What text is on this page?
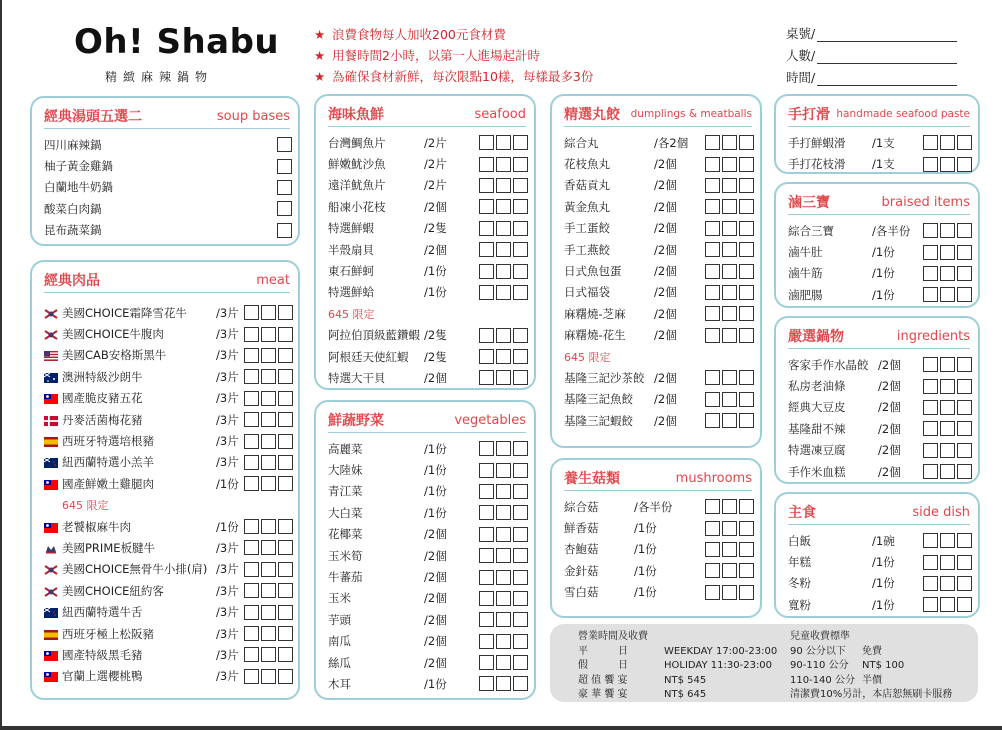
Oh! Shabu
精緻麻辣鍋物
★ 浪費食物每人加收200元食材費
★ 用餐時間2小時，以第一人進場起計時
★ 為確保食材新鮮，每次限點10樣，每樣最多3份
桌號/
人數/
時間/
經典湯頭五選二	soup bases
四川麻辣鍋
柚子黃金雞鍋
白蘭地牛奶鍋
酸菜白肉鍋
昆布蔬菜鍋
經典肉品	meat
美國CHOICE霜降雪花牛	/3片
美國CHOICE牛腹肉	/3片
美國CAB安格斯黑牛	/3片
澳洲特級沙朗牛	/3片
國產脆皮豬五花	/3片
丹麥活菌梅花豬	/3片
西班牙特選培根豬	/3片
紐西蘭特選小羔羊	/3片
國產鮮嫩土雞腿肉	/1份
645 限定
老饕椒麻牛肉	/1份
美國PRIME板腱牛	/3片
美國CHOICE無骨牛小排(肩) /3片
美國CHOICE紐約客	/3片
紐西蘭特選牛舌	/3片
西班牙極上松阪豬	/3片
國產特級黑毛豬	/3片
官蘭上選櫻桃鴨	/3片
海味魚鮮	seafood
台灣鯛魚片	/2片
鮮嫩魷沙魚	/2片
遠洋魷魚片	/2片
船凍小花枝	/2個
特選鮮蝦	/2隻
半殼扇貝	/2個
東石鮮蚵	/1份
特選鮮蛤	/1份
645 限定
阿拉伯頂級藍鑽蝦 /2隻
阿根廷天使紅蝦	/2隻
特選大干貝	/2個
鮮蔬野菜	vegetables
高麗菜	/1份
大陸妹	/1份
青江菜	/1份
大白菜	/1份
花椰菜	/2個
玉米筍	/2個
牛蕃茄	/2個
玉米	/2個
芋頭	/2個
南瓜	/2個
絲瓜	/2個
木耳	/1份
精選丸餃 dumplings & meatballs
綜合丸	/各2個
花枝魚丸	/2個
香菇貢丸	/2個
黃金魚丸	/2個
手工蛋餃	/2個
手工燕餃	/2個
日式魚包蛋	/2個
日式福袋	/2個
麻糬燒-芝麻	/2個
麻糬燒-花生	/2個
645 限定
基隆三記沙茶餃 /2個
基隆三記魚餃	/2個
基隆三記蝦餃	/2個
養生菇類	mushrooms
綜合菇	/各半份
鮮香菇	/1份
杏鮑菇	/1份
金針菇	/1份
雪白菇	/1份
手打滑 handmade seafood paste
手打鮮蝦滑	/1支
手打花枝滑	/1支
滷三寶	braised items
綜合三寶	/各半份
滷牛肚	/1份
滷牛筋	/1份
滷肥腸	/1份
嚴選鍋物	ingredients
客家手作水晶餃 /2個
私房老油條	/2個
經典大豆皮	/2個
基隆甜不辣	/2個
特選凍豆腐	/2個
手作米血糕	/2個
主食	side dish
白飯	/1碗
年糕	/1份
冬粉	/1份
寬粉	/1份
營業時間及收費
平　　　日	WEEKDAY 17:00-23:00
假　　　日	HOLIDAY 11:30-23:00
超 值 饗 宴	NT$ 545
豪 華 饗 宴	NT$ 645
兒童收費標準
90 公分以下 免費
90-110 公分 NT$ 100
110-140 公分 半價
清潔費10%另計，本店恕無刷卡服務
